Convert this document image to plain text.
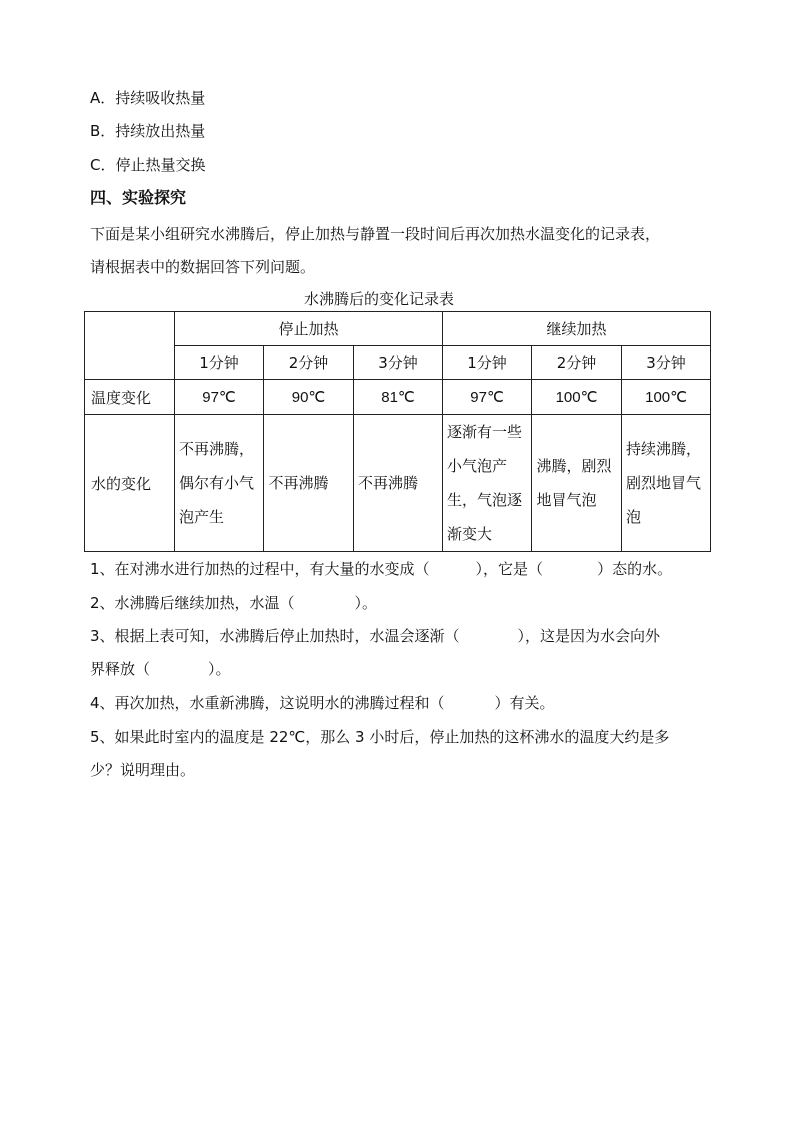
A．持续吸收热量
B．持续放出热量
C．停止热量交换
四、实验探究
下面是某小组研究水沸腾后，停止加热与静置一段时间后再次加热水温变化的记录表，
请根据表中的数据回答下列问题。
水沸腾后的变化记录表
	停止加热			继续加热		
	1分钟	2分钟	3分钟	1分钟	2分钟	3分钟
温度变化	97℃	90℃	81℃	97℃	100℃	100℃
水的变化	不再沸腾，偶尔有小气泡产生	不再沸腾	不再沸腾	逐渐有一些小气泡产生，气泡逐渐变大	沸腾，剧烈地冒气泡	持续沸腾，剧烈地冒气泡
1、在对沸水进行加热的过程中，有大量的水变成（	），它是（	）态的水。
2、水沸腾后继续加热，水温（	）。
3、根据上表可知，水沸腾后停止加热时，水温会逐渐（	），这是因为水会向外
界释放（	）。
4、再次加热，水重新沸腾，这说明水的沸腾过程和（	）有关。
5、如果此时室内的温度是 22℃，那么 3 小时后，停止加热的这杯沸水的温度大约是多
少？说明理由。
